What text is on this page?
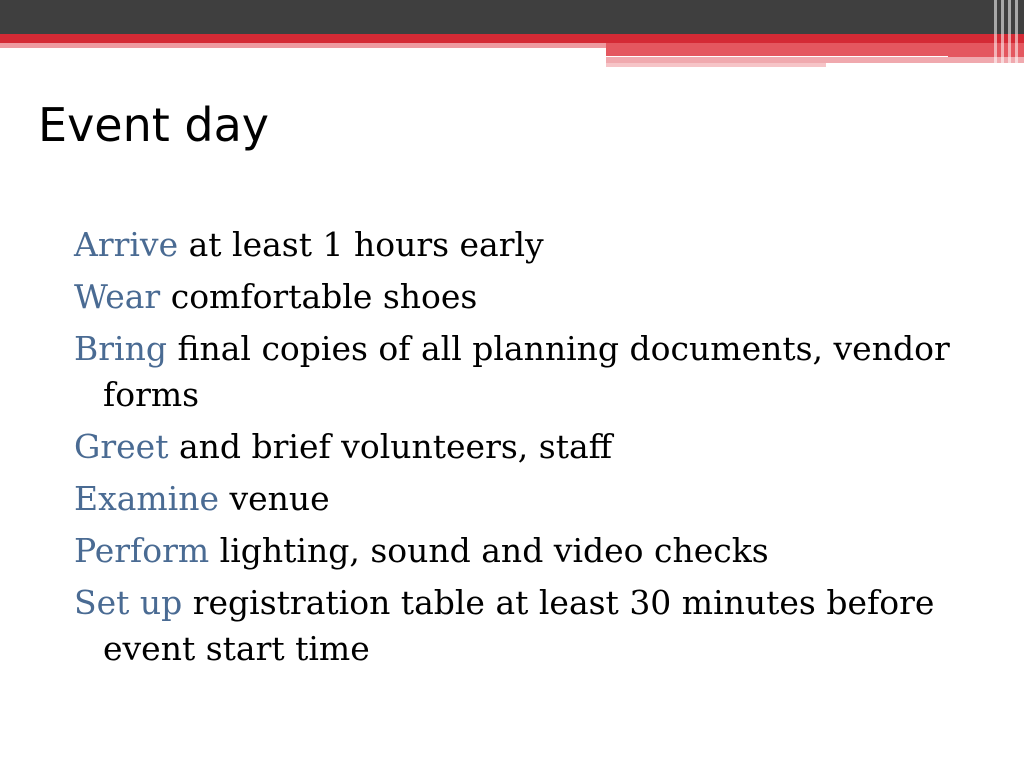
Event day
Arrive at least 1 hours early
Wear comfortable shoes
Bring final copies of all planning documents, vendor forms
Greet and brief volunteers, staff
Examine venue
Perform lighting, sound and video checks
Set up registration table at least 30 minutes before event start time
